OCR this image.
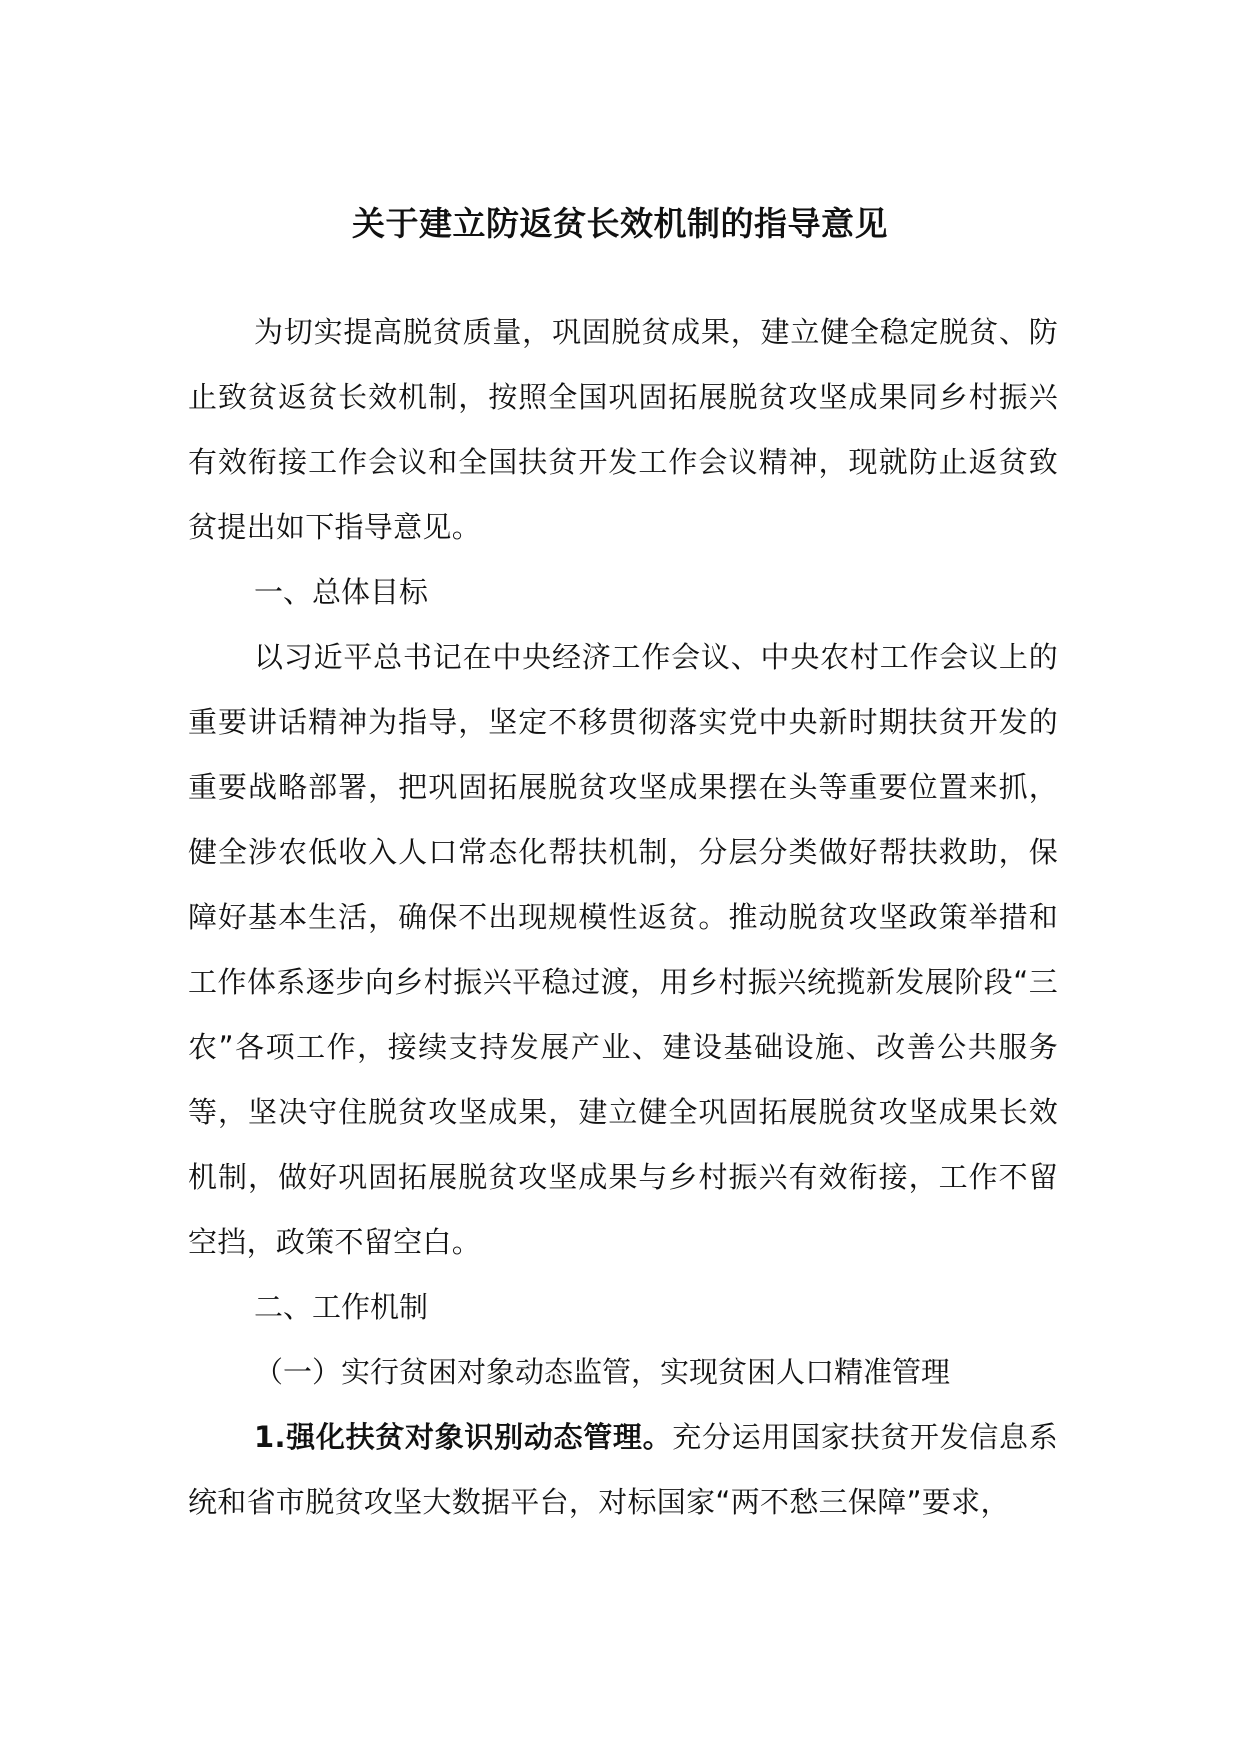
关于建立防返贫长效机制的指导意见

为切实提高脱贫质量，巩固脱贫成果，建立健全稳定脱贫、防止致贫返贫长效机制，按照全国巩固拓展脱贫攻坚成果同乡村振兴有效衔接工作会议和全国扶贫开发工作会议精神，现就防止返贫致贫提出如下指导意见。

一、总体目标

以习近平总书记在中央经济工作会议、中央农村工作会议上的重要讲话精神为指导，坚定不移贯彻落实党中央新时期扶贫开发的重要战略部署，把巩固拓展脱贫攻坚成果摆在头等重要位置来抓，健全涉农低收入人口常态化帮扶机制，分层分类做好帮扶救助，保障好基本生活，确保不出现规模性返贫。推动脱贫攻坚政策举措和工作体系逐步向乡村振兴平稳过渡，用乡村振兴统揽新发展阶段“三农”各项工作，接续支持发展产业、建设基础设施、改善公共服务等，坚决守住脱贫攻坚成果，建立健全巩固拓展脱贫攻坚成果长效机制，做好巩固拓展脱贫攻坚成果与乡村振兴有效衔接，工作不留空挡，政策不留空白。

二、工作机制

（一）实行贫困对象动态监管，实现贫困人口精准管理

1.强化扶贫对象识别动态管理。充分运用国家扶贫开发信息系统和省市脱贫攻坚大数据平台，对标国家“两不愁三保障”要求，
